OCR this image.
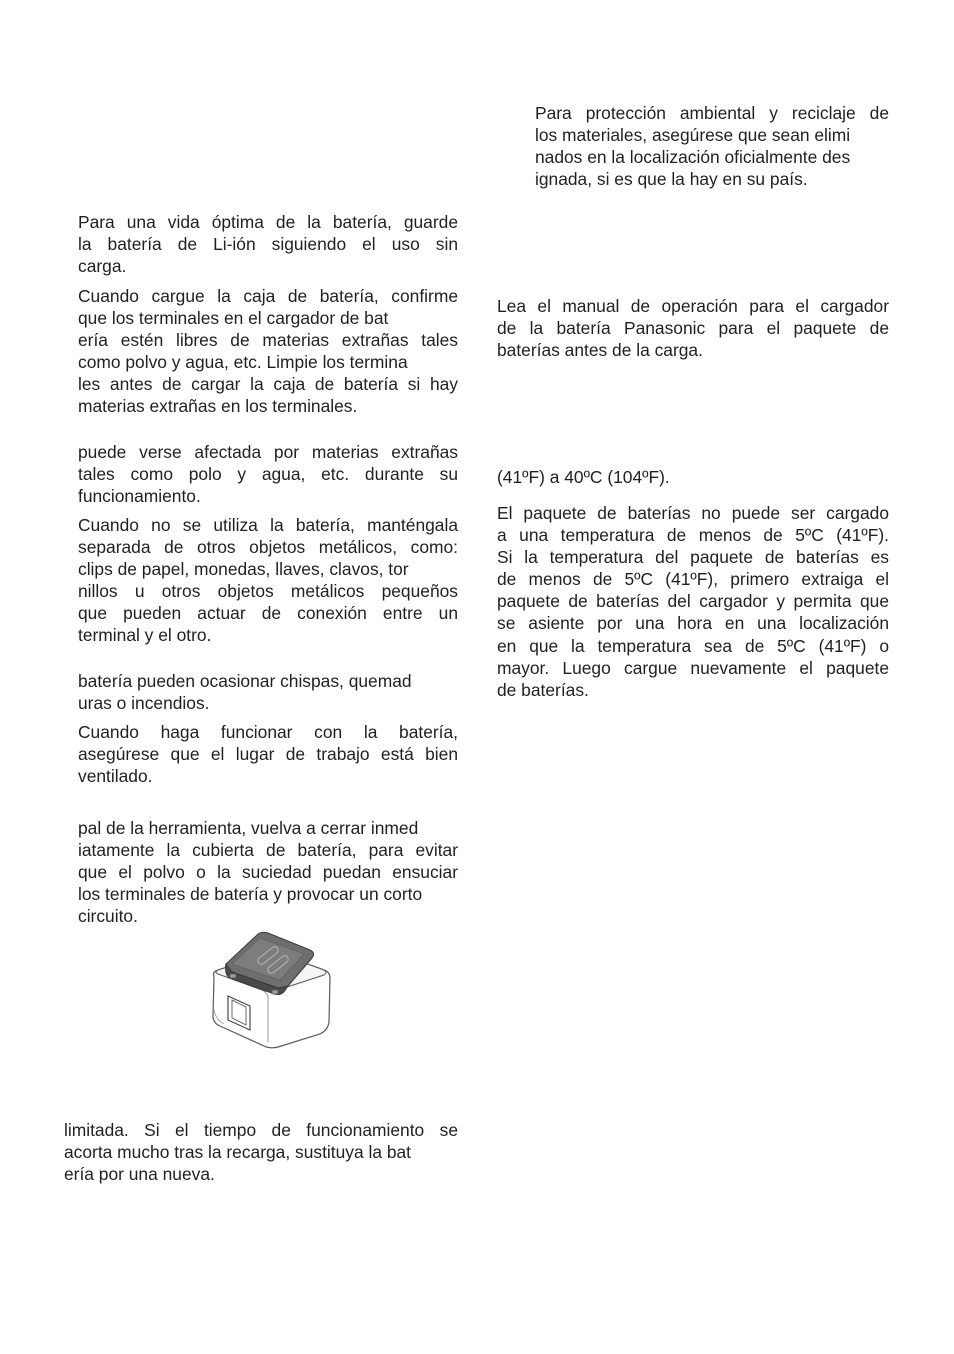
Para una vida óptima de la batería, guarde
la batería de Li-ión siguiendo el uso sin
carga.
Cuando cargue la caja de batería, confirme
que los terminales en el cargador de bat
ería estén libres de materias extrañas tales
como polvo y agua, etc. Limpie los termina
les antes de cargar la caja de batería si hay
materias extrañas en los terminales.
puede verse afectada por materias extrañas
tales como polo y agua, etc. durante su
funcionamiento.
Cuando no se utiliza la batería, manténgala
separada de otros objetos metálicos, como:
clips de papel, monedas, llaves, clavos, tor
nillos u otros objetos metálicos pequeños
que pueden actuar de conexión entre un
terminal y el otro.
batería pueden ocasionar chispas, quemad
uras o incendios.
Cuando haga funcionar con la batería,
asegúrese que el lugar de trabajo está bien
ventilado.
pal de la herramienta, vuelva a cerrar inmed
iatamente la cubierta de batería, para evitar
que el polvo o la suciedad puedan ensuciar
los terminales de batería y provocar un corto
circuito.
limitada. Si el tiempo de funcionamiento se
acorta mucho tras la recarga, sustituya la bat
ería por una nueva.
Para protección ambiental y reciclaje de
los materiales, asegúrese que sean elimi
nados en la localización oficialmente des
ignada, si es que la hay en su país.
Lea el manual de operación para el cargador
de la batería Panasonic para el paquete de
baterías antes de la carga.
(41ºF) a 40ºC (104ºF).
El paquete de baterías no puede ser cargado
a una temperatura de menos de 5ºC (41ºF).
Si la temperatura del paquete de baterías es
de menos de 5ºC (41ºF), primero extraiga el
paquete de baterías del cargador y permita que
se asiente por una hora en una localización
en que la temperatura sea de 5ºC (41ºF) o
mayor. Luego cargue nuevamente el paquete
de baterías.
